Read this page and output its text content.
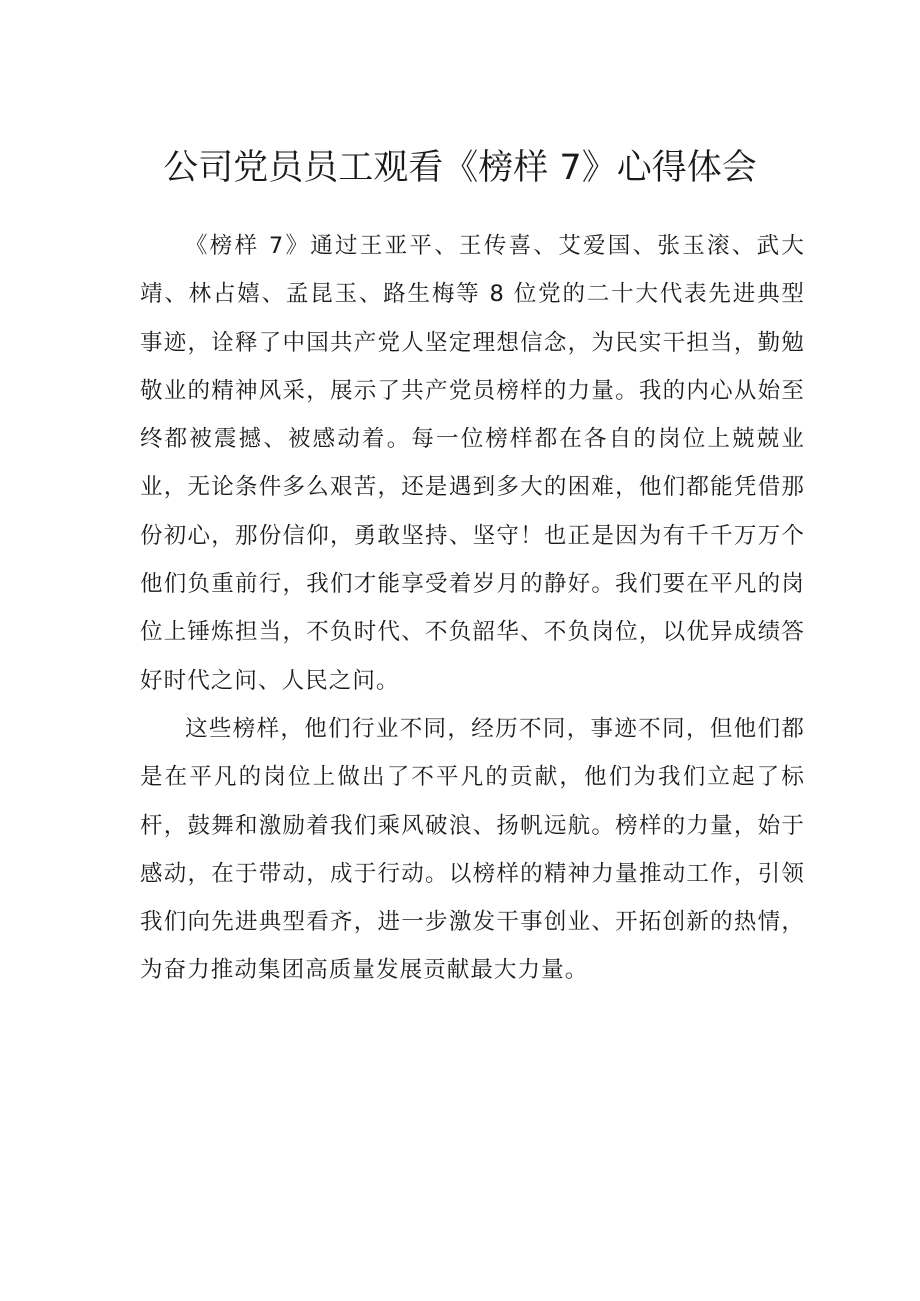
公司党员员工观看《榜样 7》心得体会

《榜样 7》通过王亚平、王传喜、艾爱国、张玉滚、武大靖、林占嬉、孟昆玉、路生梅等 8 位党的二十大代表先进典型事迹，诠释了中国共产党人坚定理想信念，为民实干担当，勤勉敬业的精神风采，展示了共产党员榜样的力量。我的内心从始至终都被震撼、被感动着。每一位榜样都在各自的岗位上兢兢业业，无论条件多么艰苦，还是遇到多大的困难，他们都能凭借那份初心，那份信仰，勇敢坚持、坚守！也正是因为有千千万万个他们负重前行，我们才能享受着岁月的静好。我们要在平凡的岗位上锤炼担当，不负时代、不负韶华、不负岗位，以优异成绩答好时代之问、人民之问。

这些榜样，他们行业不同，经历不同，事迹不同，但他们都是在平凡的岗位上做出了不平凡的贡献，他们为我们立起了标杆，鼓舞和激励着我们乘风破浪、扬帆远航。榜样的力量，始于感动，在于带动，成于行动。以榜样的精神力量推动工作，引领我们向先进典型看齐，进一步激发干事创业、开拓创新的热情，为奋力推动集团高质量发展贡献最大力量。
